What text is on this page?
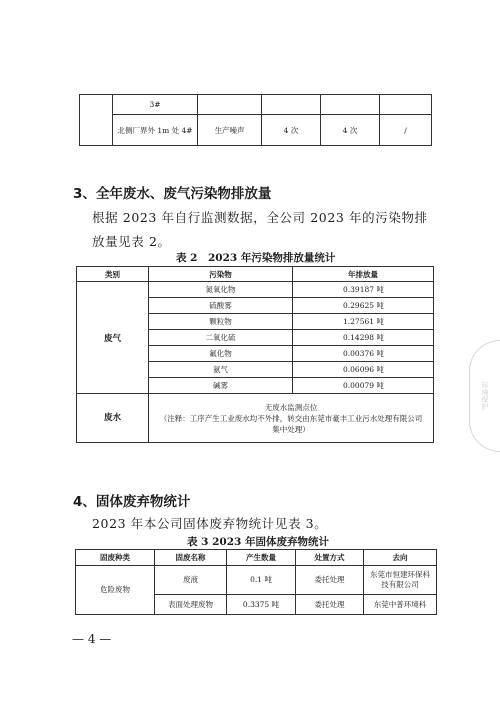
	3#				
	北侧厂界外 1m 处 4#	生产噪声	4 次	4 次	/
3、全年废水、废气污染物排放量
根据 2023 年自行监测数据，全公司 2023 年的污染物排放量见表 2。
表 2　2023 年污染物排放量统计
类别	污染物	年排放量
废气	氮氧化物	0.39187 吨
	硫酸雾	0.29625 吨
	颗粒物	1.27561 吨
	二氧化硫	0.14298 吨
	氟化物	0.00376 吨
	氨气	0.06096 吨
	碱雾	0.00079 吨
废水	无废水监测点位
（注释：工序产生工业废水均不外排，转交由东莞市豪丰工业污水处理有限公司集中处理）	
4、固体废弃物统计
2023 年本公司固体废弃物统计见表 3。
表 3 2023 年固体废弃物统计
固废种类	固废名称	产生数量	处置方式	去向
危险废物	废液	0.1 吨	委托处理	东莞市恒建环保科技有限公司
	表面处理废物	0.3375 吨	委托处理	东莞中普环境科
— 4 —
环境保护
